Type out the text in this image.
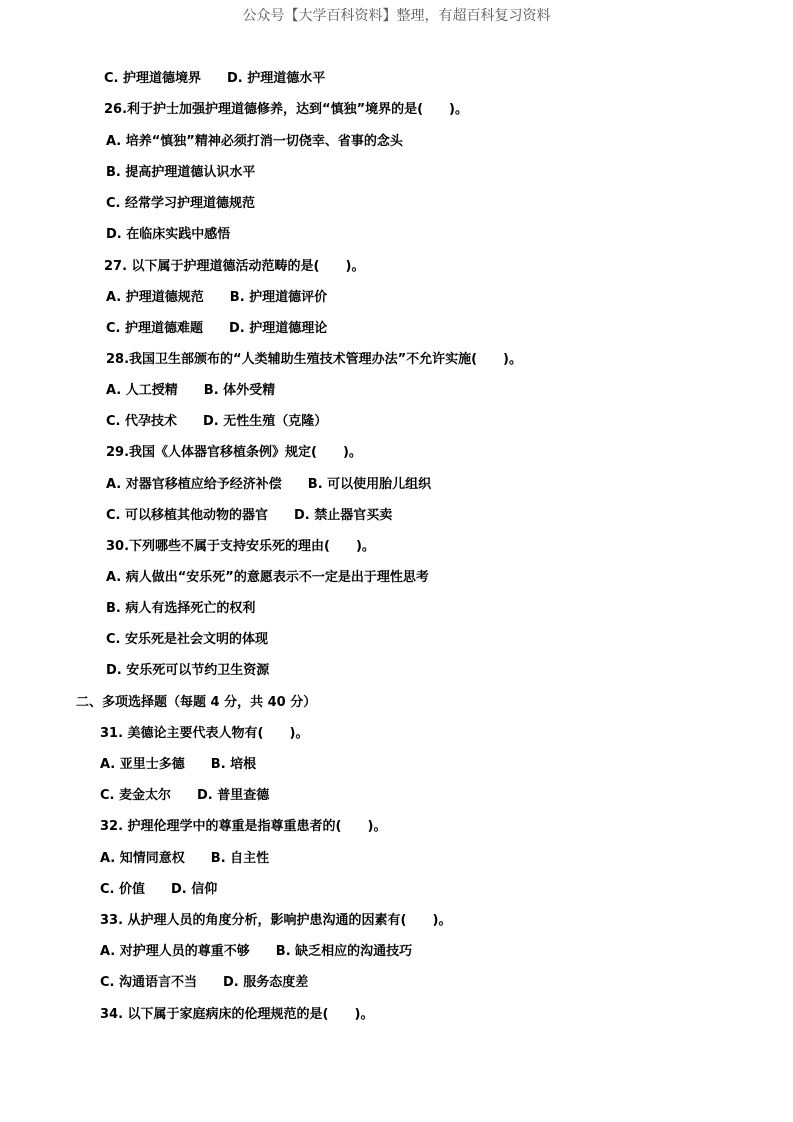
公众号【大学百科资料】整理，有超百科复习资料
C. 护理道德境界 D. 护理道德水平
26.利于护士加强护理道德修养，达到“慎独”境界的是(　　)。
A. 培养“慎独”精神必须打消一切侥幸、省事的念头
B. 提高护理道德认识水平
C. 经常学习护理道德规范
D. 在临床实践中感悟
27. 以下属于护理道德活动范畴的是(　　)。
A. 护理道德规范 B. 护理道德评价
C. 护理道德难题 D. 护理道德理论
28.我国卫生部颁布的“人类辅助生殖技术管理办法”不允许实施(　　)。
A. 人工授精 B. 体外受精
C. 代孕技术 D. 无性生殖（克隆）
29.我国《人体器官移植条例》规定(　　)。
A. 对器官移植应给予经济补偿 B. 可以使用胎儿组织
C. 可以移植其他动物的器官 D. 禁止器官买卖
30.下列哪些不属于支持安乐死的理由(　　)。
A. 病人做出“安乐死”的意愿表示不一定是出于理性思考
B. 病人有选择死亡的权利
C. 安乐死是社会文明的体现
D. 安乐死可以节约卫生资源
二、多项选择题（每题 4 分，共 40 分）
31. 美德论主要代表人物有(　　)。
A. 亚里士多德 B. 培根
C. 麦金太尔 D. 普里查德
32. 护理伦理学中的尊重是指尊重患者的(　　)。
A. 知情同意权 B. 自主性
C. 价值 D. 信仰
33. 从护理人员的角度分析，影响护患沟通的因素有(　　)。
A. 对护理人员的尊重不够 B. 缺乏相应的沟通技巧
C. 沟通语言不当 D. 服务态度差
34. 以下属于家庭病床的伦理规范的是(　　)。
